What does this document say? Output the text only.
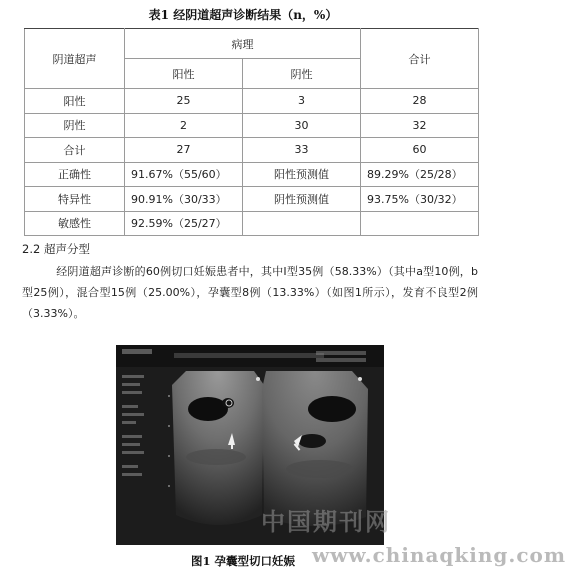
表1 经阴道超声诊断结果（n，%）
阴道超声	病理		合计
	阳性	阴性	
阳性	25	3	28
阴性	2	30	32
合计	27	33	60
正确性	91.67%（55/60）	阳性预测值	89.29%（25/28）
特异性	90.91%（30/33）	阴性预测值	93.75%（30/32）
敏感性	92.59%（25/27）		
2.2 超声分型
经阴道超声诊断的60例切口妊娠患者中，其中Ⅰ型35例（58.33%）（其中a型10例，b型25例），混合型15例（25.00%），孕囊型8例（13.33%）（如图1所示），发育不良型2例（3.33%）。
中国期刊网
图1 孕囊型切口妊娠 www.chinaqking.com
